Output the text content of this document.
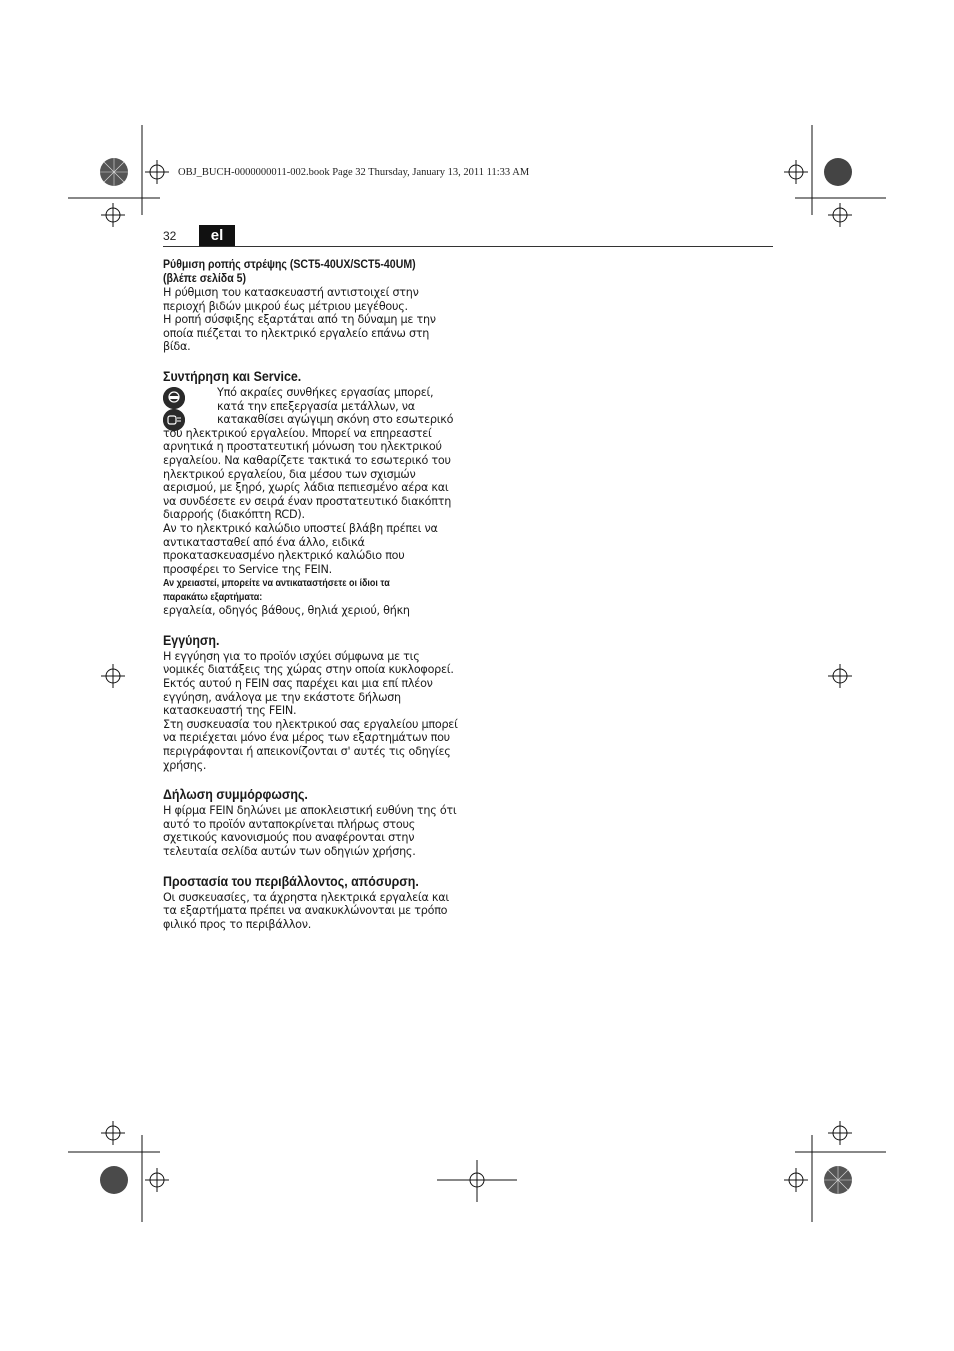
OBJ_BUCH-0000000011-002.book Page 32 Thursday, January 13, 2011 11:33 AM
32	el
Ρύθμιση ροπής στρέψης (SCT5-40UX/SCT5-40UM)
(βλέπε σελίδα 5)

Η ρύθμιση του κατασκευαστή αντιστοιχεί στην περιοχή βιδών μικρού έως μέτριου μεγέθους.

Η ροπή σύσφιξης εξαρτάται από τη δύναμη με την οποία πιέζεται το ηλεκτρικό εργαλείο επάνω στη βίδα.

Συντήρηση και Service.

Υπό ακραίες συνθήκες εργασίας μπορεί, κατά την επεξεργασία μετάλλων, να κατακαθίσει αγώγιμη σκόνη στο εσωτερικό του ηλεκτρικού εργαλείου. Μπορεί να επηρεαστεί αρνητικά η προστατευτική μόνωση του ηλεκτρικού εργαλείου. Να καθαρίζετε τακτικά το εσωτερικό του ηλεκτρικού εργαλείου, δια μέσου των σχισμών αερισμού, με ξηρό, χωρίς λάδια πεπιεσμένο αέρα και να συνδέσετε εν σειρά έναν προστατευτικό διακόπτη διαρροής (διακόπτη RCD).

Αν το ηλεκτρικό καλώδιο υποστεί βλάβη πρέπει να αντικατασταθεί από ένα άλλο, ειδικά προκατασκευασμένο ηλεκτρικό καλώδιο που προσφέρει το Service της FEIN.

Αν χρειαστεί, μπορείτε να αντικαταστήσετε οι ίδιοι τα
παρακάτω εξαρτήματα:

εργαλεία, οδηγός βάθους, θηλιά χεριού, θήκη

Εγγύηση.

Η εγγύηση για το προϊόν ισχύει σύμφωνα με τις νομικές διατάξεις της χώρας στην οποία κυκλοφορεί. Εκτός αυτού η FEIN σας παρέχει και μια επί πλέον εγγύηση, ανάλογα με την εκάστοτε δήλωση κατασκευαστή της FEIN.

Στη συσκευασία του ηλεκτρικού σας εργαλείου μπορεί να περιέχεται μόνο ένα μέρος των εξαρτημάτων που περιγράφονται ή απεικονίζονται σ' αυτές τις οδηγίες χρήσης.

Δήλωση συμμόρφωσης.

Η φίρμα FEIN δηλώνει με αποκλειστική ευθύνη της ότι αυτό το προϊόν ανταποκρίνεται πλήρως στους σχετικούς κανονισμούς που αναφέρονται στην τελευταία σελίδα αυτών των οδηγιών χρήσης.

Προστασία του περιβάλλοντος, απόσυρση.

Οι συσκευασίες, τα άχρηστα ηλεκτρικά εργαλεία και τα εξαρτήματα πρέπει να ανακυκλώνονται με τρόπο φιλικό προς το περιβάλλον.
